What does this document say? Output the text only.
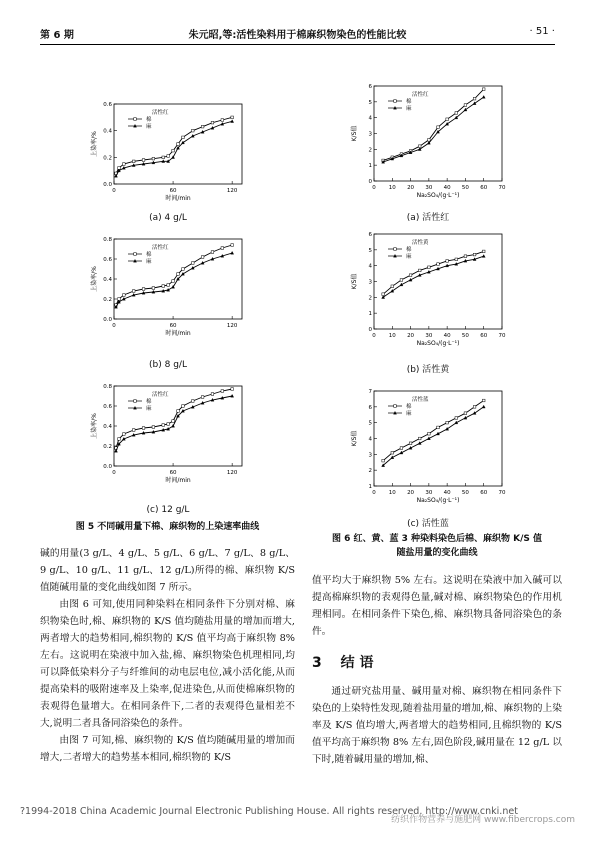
第 6 期	朱元昭,等:活性染料用于棉麻织物染色的性能比较	· 51 ·
0	60	120
0.0
0.2
0.4
0.6
时间/min
上染率/%
活性红
棉
麻
(a) 4 g/L
0	60	120
0.0
0.2
0.4
0.6
0.8
时间/min
上染率/%
活性红
棉
麻
(b) 8 g/L
0	60	120
0.0
0.2
0.4
0.6
0.8
时间/min
上染率/%
活性红
棉
麻
(c) 12 g/L
图 5 不同碱用量下棉、麻织物的上染速率曲线
0 10 20 30 40 50 60 70
0
1
2
3
4
5
6
Na₂SO₄/(g·L⁻¹)
K/S值
活性红
棉
麻
(a) 活性红
0 10 20 30 40 50 60 70
0
1
2
3
4
5
6
Na₂SO₄/(g·L⁻¹)
K/S值
活性黄
棉
麻
(b) 活性黄
0 10 20 30 40 50 60 70
1
2
3
4
5
6
7
Na₂SO₄/(g·L⁻¹)
K/S值
活性蓝
棉
麻
(c) 活性蓝
图 6 红、黄、蓝 3 种染料染色后棉、麻织物 K/S 值
随盐用量的变化曲线

碱的用量(3 g/L、4 g/L、5 g/L、6 g/L、7 g/L、8 g/L、9 g/L、10 g/L、11 g/L、12 g/L)所得的棉、麻织物 K/S 值随碱用量的变化曲线如图 7 所示。

由图 6 可知,使用同种染料在相同条件下分别对棉、麻织物染色时,棉、麻织物的 K/S 值均随盐用量的增加而增大,两者增大的趋势相同,棉织物的 K/S 值平均高于麻织物 8% 左右。这说明在染液中加入盐,棉、麻织物染色机理相同,均可以降低染料分子与纤维间的动电层电位,减小活化能,从而提高染料的吸附速率及上染率,促进染色,从而使棉麻织物的表观得色量增大。在相同条件下,二者的表观得色量相差不大,说明二者具备同浴染色的条件。

由图 7 可知,棉、麻织物的 K/S 值均随碱用量的增加而增大,二者增大的趋势基本相同,棉织物的 K/S

值平均大于麻织物 5% 左右。这说明在染液中加入碱可以提高棉麻织物的表观得色量,碱对棉、麻织物染色的作用机理相同。在相同条件下染色,棉、麻织物具备同浴染色的条件。

3 结 语

通过研究盐用量、碱用量对棉、麻织物在相同条件下染色的上染特性发现,随着盐用量的增加,棉、麻织物的上染率及 K/S 值均增大,两者增大的趋势相同,且棉织物的 K/S 值平均高于麻织物 8% 左右,固色阶段,碱用量在 12 g/L 以下时,随着碱用量的增加,棉、

?1994-2018 China Academic Journal Electronic Publishing House. All rights reserved. http://www.cnki.net
纺织作物营养与施肥网 www.fibercrops.com
